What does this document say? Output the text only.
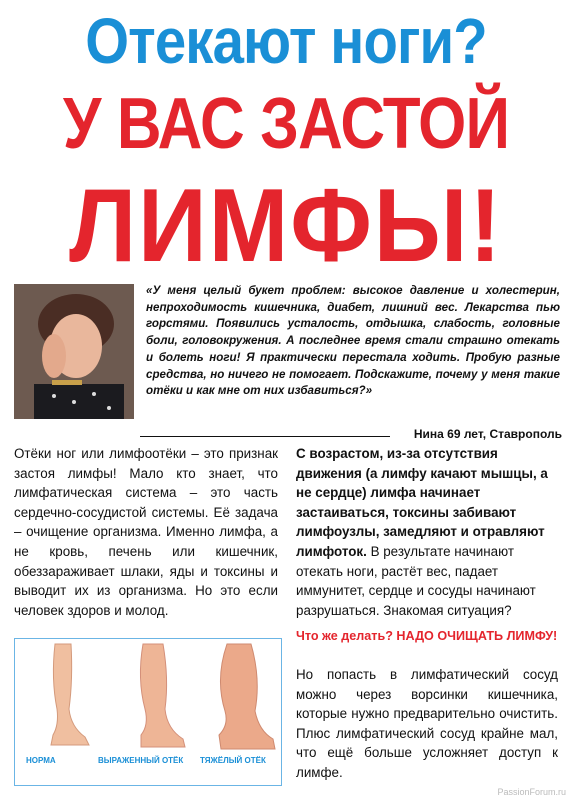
Отекают ноги?
У ВАС ЗАСТОЙ
ЛИМФЫ!
«У меня целый букет проблем: высокое давление и холестерин, непроходимость кишечника, диабет, лишний вес. Лекарства пью горстями. Появились усталость, отдышка, слабость, головные боли, головокружения. А последнее время стали страшно отекать и болеть ноги! Я практически перестала ходить. Пробую разные средства, но ничего не помогает. Подскажите, почему у меня такие отёки и как мне от них избавиться?»
Нина 69 лет, Ставрополь
Отёки ног или лимфоотёки – это признак застоя лимфы! Мало кто знает, что лимфатическая система – это часть сердечно-сосудистой системы. Её задача – очищение организма. Именно лимфа, а не кровь, печень или кишечник, обеззараживает шлаки, яды и токсины и выводит их из организма. Но это если человек здоров и молод.
С возрастом, из-за отсутствия движения (а лимфу качают мышцы, а не сердце) лимфа начинает застаиваться, токсины забивают лимфоузлы, замедляют и отравляют лимфоток. В результате начинают отекать ноги, растёт вес, падает иммунитет, сердце и сосуды начинают разрушаться. Знакомая ситуация?
Что же делать? НАДО ОЧИЩАТЬ ЛИМФУ!
Но попасть в лимфатический сосуд можно через ворсинки кишечника, которые нужно предварительно очистить. Плюс лимфатический сосуд крайне мал, что ещё больше усложняет доступ к лимфе.
НОРМА	ВЫРАЖЕННЫЙ ОТЁК ТЯЖЁЛЫЙ ОТЁК
PassionForum.ru
